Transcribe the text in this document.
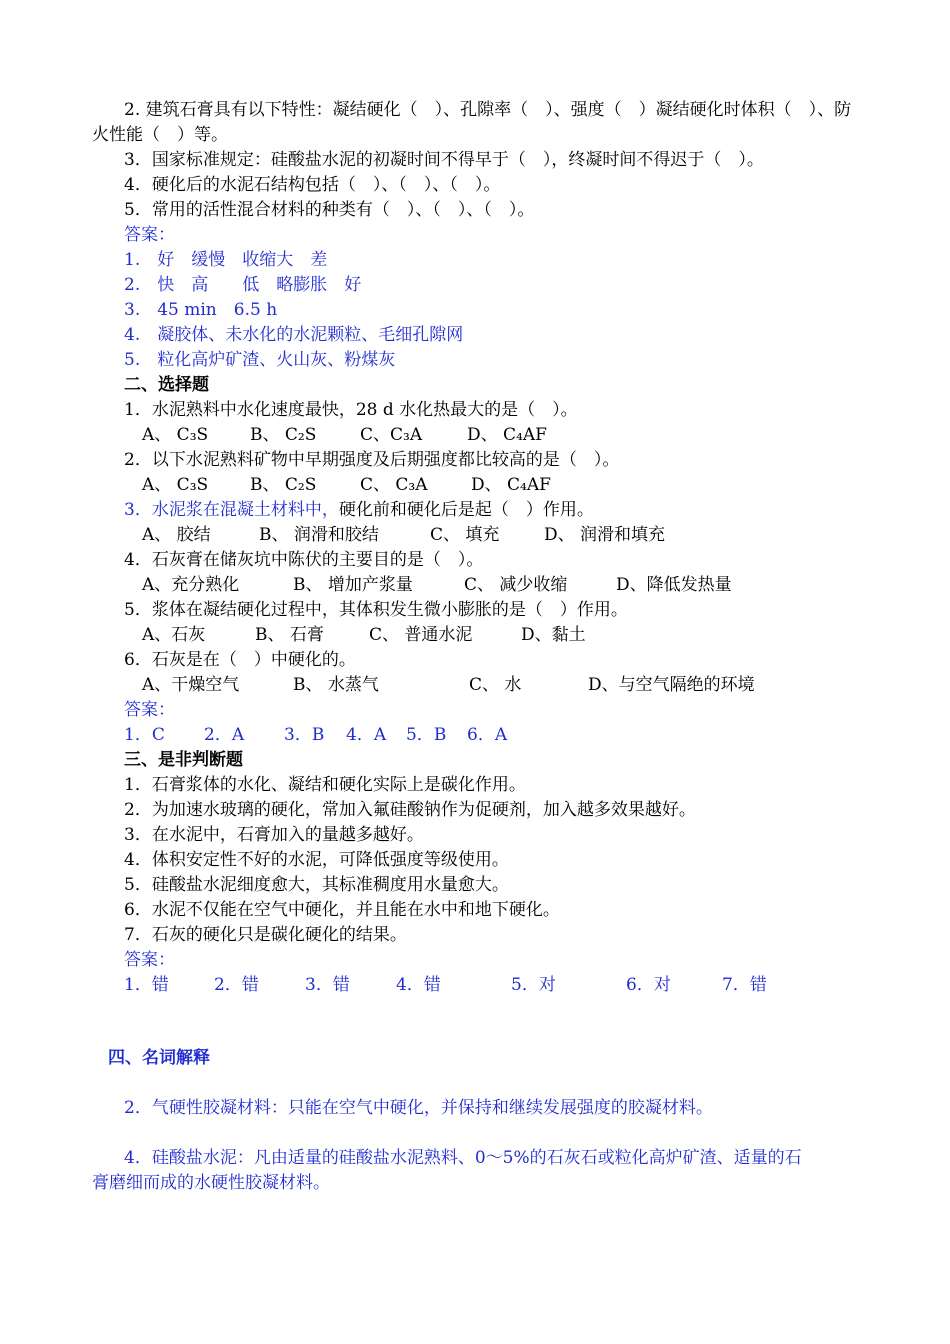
2. 建筑石膏具有以下特性：凝结硬化（　）、孔隙率（　）、强度（　）凝结硬化时体积（　）、防
火性能（　）等。
3．国家标准规定：硅酸盐水泥的初凝时间不得早于（　），终凝时间不得迟于（　）。
4．硬化后的水泥石结构包括（　）、（　）、（　）。
5．常用的活性混合材料的种类有（　）、（　）、（　）。
答案：
1.　好　缓慢　收缩大　差
2.　快　高　　低　略膨胀　好
3.　45 min　6.5 h
4.　凝胶体、未水化的水泥颗粒、毛细孔隙网
5.　粒化高炉矿渣、火山灰、粉煤灰
二、选择题
1．水泥熟料中水化速度最快，28 d 水化热最大的是（　）。
A、 C₃S B、 C₂S	C、C₃A	D、 C₄AF
2．以下水泥熟料矿物中早期强度及后期强度都比较高的是（　）。
A、 C₃S B、 C₂S	C、 C₃A	D、 C₄AF
3．水泥浆在混凝土材料中，硬化前和硬化后是起（　）作用。
A、 胶结	B、 润滑和胶结	C、 填充	D、 润滑和填充
4．石灰膏在储灰坑中陈伏的主要目的是（　）。
A、充分熟化	B、 增加产浆量	C、 减少收缩	D、降低发热量
5．浆体在凝结硬化过程中，其体积发生微小膨胀的是（　）作用。
A、石灰	B、 石膏	C、 普通水泥	D、黏土
6．石灰是在（　）中硬化的。
A、干燥空气	B、 水蒸气	C、 水	D、与空气隔绝的环境
答案：
1．C 2．A 3．B 4．A 5．B 6．A
三、是非判断题
1．石膏浆体的水化、凝结和硬化实际上是碳化作用。
2．为加速水玻璃的硬化，常加入氟硅酸钠作为促硬剂，加入越多效果越好。
3．在水泥中，石膏加入的量越多越好。
4．体积安定性不好的水泥，可降低强度等级使用。
5．硅酸盐水泥细度愈大，其标准稠度用水量愈大。
6．水泥不仅能在空气中硬化，并且能在水中和地下硬化。
7．石灰的硬化只是碳化硬化的结果。
答案：
1．错	2．错	3．错	4．错	5．对	6．对	7．错
四、名词解释
2．气硬性胶凝材料：只能在空气中硬化，并保持和继续发展强度的胶凝材料。
4．硅酸盐水泥：凡由适量的硅酸盐水泥熟料、0～5%的石灰石或粒化高炉矿渣、适量的石
膏磨细而成的水硬性胶凝材料。
